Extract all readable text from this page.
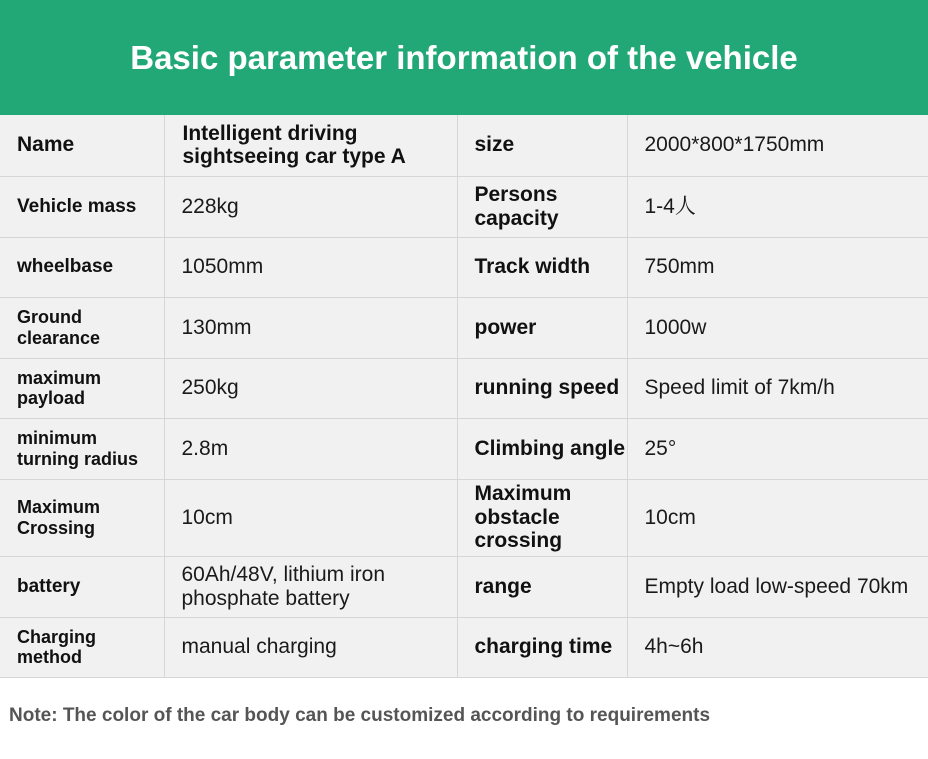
Basic parameter information of the vehicle
Name	Intelligent driving sightseeing car type A	size	2000*800*1750mm
Vehicle mass	228kg	Persons capacity	1-4人
wheelbase	1050mm	Track width	750mm
Ground clearance	130mm	power	1000w
maximum payload	250kg	running speed	Speed limit of 7km/h
minimum turning radius	2.8m	Climbing angle	25°
Maximum Crossing	10cm	Maximum obstacle crossing	10cm
battery	60Ah/48V, lithium iron phosphate battery	range	Empty load low-speed 70km
Charging method	manual charging	charging time	4h~6h
Note: The color of the car body can be customized according to requirements
